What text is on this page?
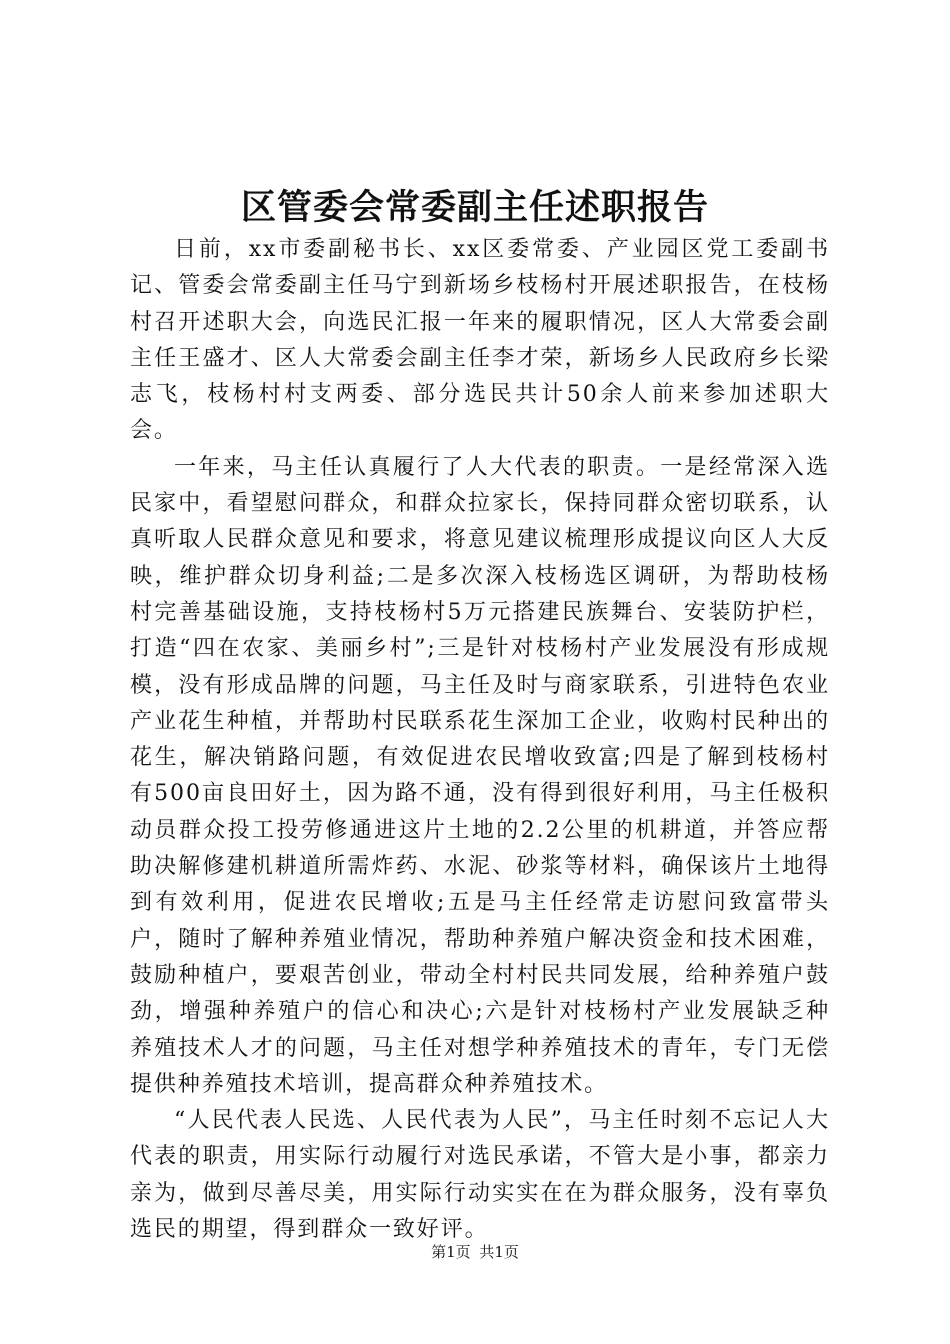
区管委会常委副主任述职报告

日前，xx市委副秘书长、xx区委常委、产业园区党工委副书记、管委会常委副主任马宁到新场乡枝杨村开展述职报告，在枝杨村召开述职大会，向选民汇报一年来的履职情况，区人大常委会副主任王盛才、区人大常委会副主任李才荣，新场乡人民政府乡长梁志飞，枝杨村村支两委、部分选民共计50余人前来参加述职大会。

一年来，马主任认真履行了人大代表的职责。一是经常深入选民家中，看望慰问群众，和群众拉家长，保持同群众密切联系，认真听取人民群众意见和要求，将意见建议梳理形成提议向区人大反映，维护群众切身利益;二是多次深入枝杨选区调研，为帮助枝杨村完善基础设施，支持枝杨村5万元搭建民族舞台、安装防护栏，打造“四在农家、美丽乡村”;三是针对枝杨村产业发展没有形成规模，没有形成品牌的问题，马主任及时与商家联系，引进特色农业产业花生种植，并帮助村民联系花生深加工企业，收购村民种出的花生，解决销路问题，有效促进农民增收致富;四是了解到枝杨村有500亩良田好土，因为路不通，没有得到很好利用，马主任极积动员群众投工投劳修通进这片土地的2.2公里的机耕道，并答应帮助决解修建机耕道所需炸药、水泥、砂浆等材料，确保该片土地得到有效利用，促进农民增收;五是马主任经常走访慰问致富带头户，随时了解种养殖业情况，帮助种养殖户解决资金和技术困难，鼓励种植户，要艰苦创业，带动全村村民共同发展，给种养殖户鼓劲，增强种养殖户的信心和决心;六是针对枝杨村产业发展缺乏种养殖技术人才的问题，马主任对想学种养殖技术的青年，专门无偿提供种养殖技术培训，提高群众种养殖技术。

“人民代表人民选、人民代表为人民”，马主任时刻不忘记人大代表的职责，用实际行动履行对选民承诺，不管大是小事，都亲力亲为，做到尽善尽美，用实际行动实实在在为群众服务，没有辜负选民的期望，得到群众一致好评。

第1页 共1页
